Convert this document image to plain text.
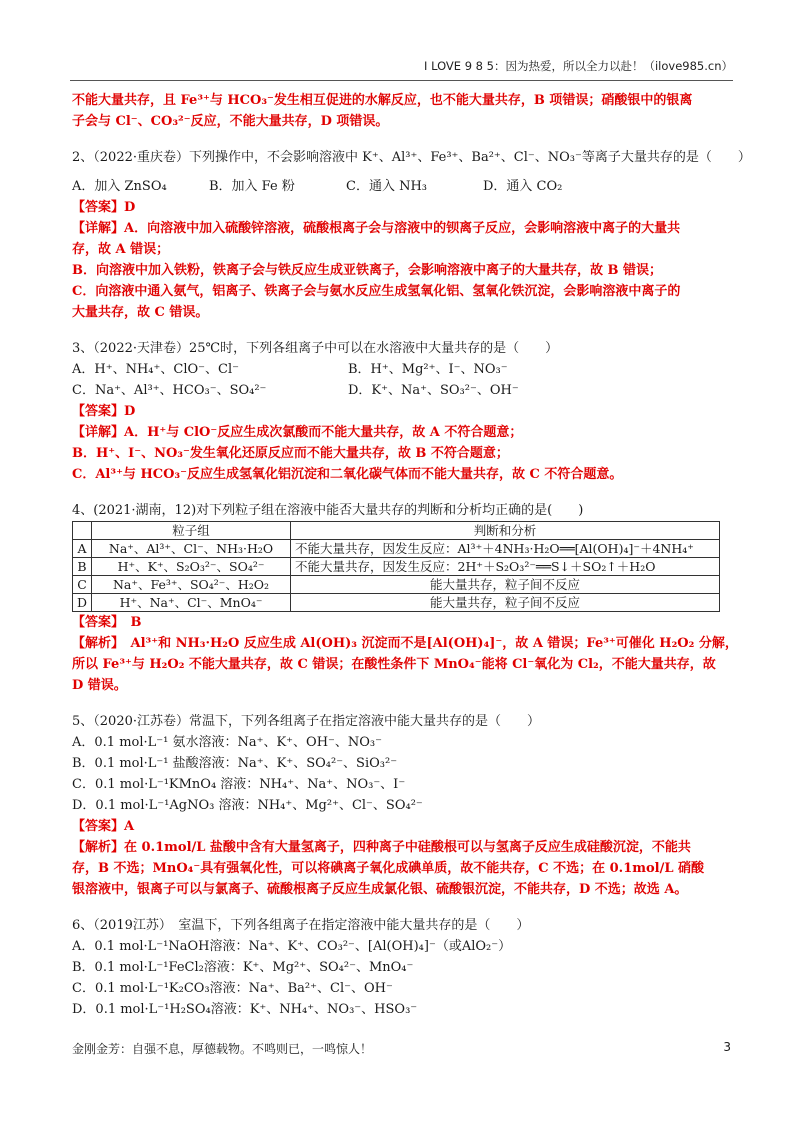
I LOVE 9 8 5：因为热爱，所以全力以赴！（ilove985.cn）
不能大量共存，且 Fe³⁺与 HCO₃⁻发生相互促进的水解反应，也不能大量共存，B 项错误；硝酸银中的银离
子会与 Cl⁻、CO₃²⁻反应，不能大量共存，D 项错误。
2、（2022·重庆卷）下列操作中，不会影响溶液中 K⁺、Al³⁺、Fe³⁺、Ba²⁺、Cl⁻、NO₃⁻等离子大量共存的是（　　）
A．加入 ZnSO₄	B．加入 Fe 粉	C．通入 NH₃	D．通入 CO₂
【答案】D
【详解】A．向溶液中加入硫酸锌溶液，硫酸根离子会与溶液中的钡离子反应，会影响溶液中离子的大量共
存，故 A 错误；
B．向溶液中加入铁粉，铁离子会与铁反应生成亚铁离子，会影响溶液中离子的大量共存，故 B 错误；
C．向溶液中通入氨气，铝离子、铁离子会与氨水反应生成氢氧化铝、氢氧化铁沉淀，会影响溶液中离子的
大量共存，故 C 错误。
3、（2022·天津卷）25℃时，下列各组离子中可以在水溶液中大量共存的是（　　）
A．H⁺、NH₄⁺、ClO⁻、Cl⁻	B．H⁺、Mg²⁺、I⁻、NO₃⁻
C．Na⁺、Al³⁺、HCO₃⁻、SO₄²⁻	D．K⁺、Na⁺、SO₃²⁻、OH⁻
【答案】D
【详解】A．H⁺与 ClO⁻反应生成次氯酸而不能大量共存，故 A 不符合题意；
B．H⁺、I⁻、NO₃⁻发生氧化还原反应而不能大量共存，故 B 不符合题意；
C．Al³⁺与 HCO₃⁻反应生成氢氧化铝沉淀和二氧化碳气体而不能大量共存，故 C 不符合题意。
4、(2021·湖南，12)对下列粒子组在溶液中能否大量共存的判断和分析均正确的是(　　)
	粒子组	判断和分析
A	Na⁺、Al³⁺、Cl⁻、NH₃·H₂O	不能大量共存，因发生反应：Al³⁺＋4NH₃·H₂O══[Al(OH)₄]⁻＋4NH₄⁺
B	H⁺、K⁺、S₂O₃²⁻、SO₄²⁻	不能大量共存，因发生反应：2H⁺＋S₂O₃²⁻══S↓＋SO₂↑＋H₂O
C	Na⁺、Fe³⁺、SO₄²⁻、H₂O₂	能大量共存，粒子间不反应
D	H⁺、Na⁺、Cl⁻、MnO₄⁻	能大量共存，粒子间不反应
【答案】　B
【解析】　Al³⁺和 NH₃·H₂O 反应生成 Al(OH)₃ 沉淀而不是[Al(OH)₄]⁻，故 A 错误；Fe³⁺可催化 H₂O₂ 分解，
所以 Fe³⁺与 H₂O₂ 不能大量共存，故 C 错误；在酸性条件下 MnO₄⁻能将 Cl⁻氧化为 Cl₂，不能大量共存，故
D 错误。
5、（2020·江苏卷）常温下，下列各组离子在指定溶液中能大量共存的是（　　）
A．0.1 mol·L⁻¹ 氨水溶液：Na⁺、K⁺、OH⁻、NO₃⁻
B．0.1 mol·L⁻¹ 盐酸溶液：Na⁺、K⁺、SO₄²⁻、SiO₃²⁻
C．0.1 mol·L⁻¹KMnO₄ 溶液：NH₄⁺、Na⁺、NO₃⁻、I⁻
D．0.1 mol·L⁻¹AgNO₃ 溶液：NH₄⁺、Mg²⁺、Cl⁻、SO₄²⁻
【答案】A
【解析】在 0.1mol/L 盐酸中含有大量氢离子，四种离子中硅酸根可以与氢离子反应生成硅酸沉淀，不能共
存，B 不选；MnO₄⁻具有强氧化性，可以将碘离子氧化成碘单质，故不能共存，C 不选；在 0.1mol/L 硝酸
银溶液中，银离子可以与氯离子、硫酸根离子反应生成氯化银、硫酸银沉淀，不能共存，D 不选；故选 A。
6、（2019江苏）　室温下，下列各组离子在指定溶液中能大量共存的是（　　）
A．0.1 mol·L⁻¹NaOH溶液：Na⁺、K⁺、CO₃²⁻、[Al(OH)₄]⁻（或AlO₂⁻）
B．0.1 mol·L⁻¹FeCl₂溶液：K⁺、Mg²⁺、SO₄²⁻、MnO₄⁻
C．0.1 mol·L⁻¹K₂CO₃溶液：Na⁺、Ba²⁺、Cl⁻、OH⁻
D．0.1 mol·L⁻¹H₂SO₄溶液：K⁺、NH₄⁺、NO₃⁻、HSO₃⁻
金刚金芳：自强不息，厚德载物。不鸣则已，一鸣惊人！	3
